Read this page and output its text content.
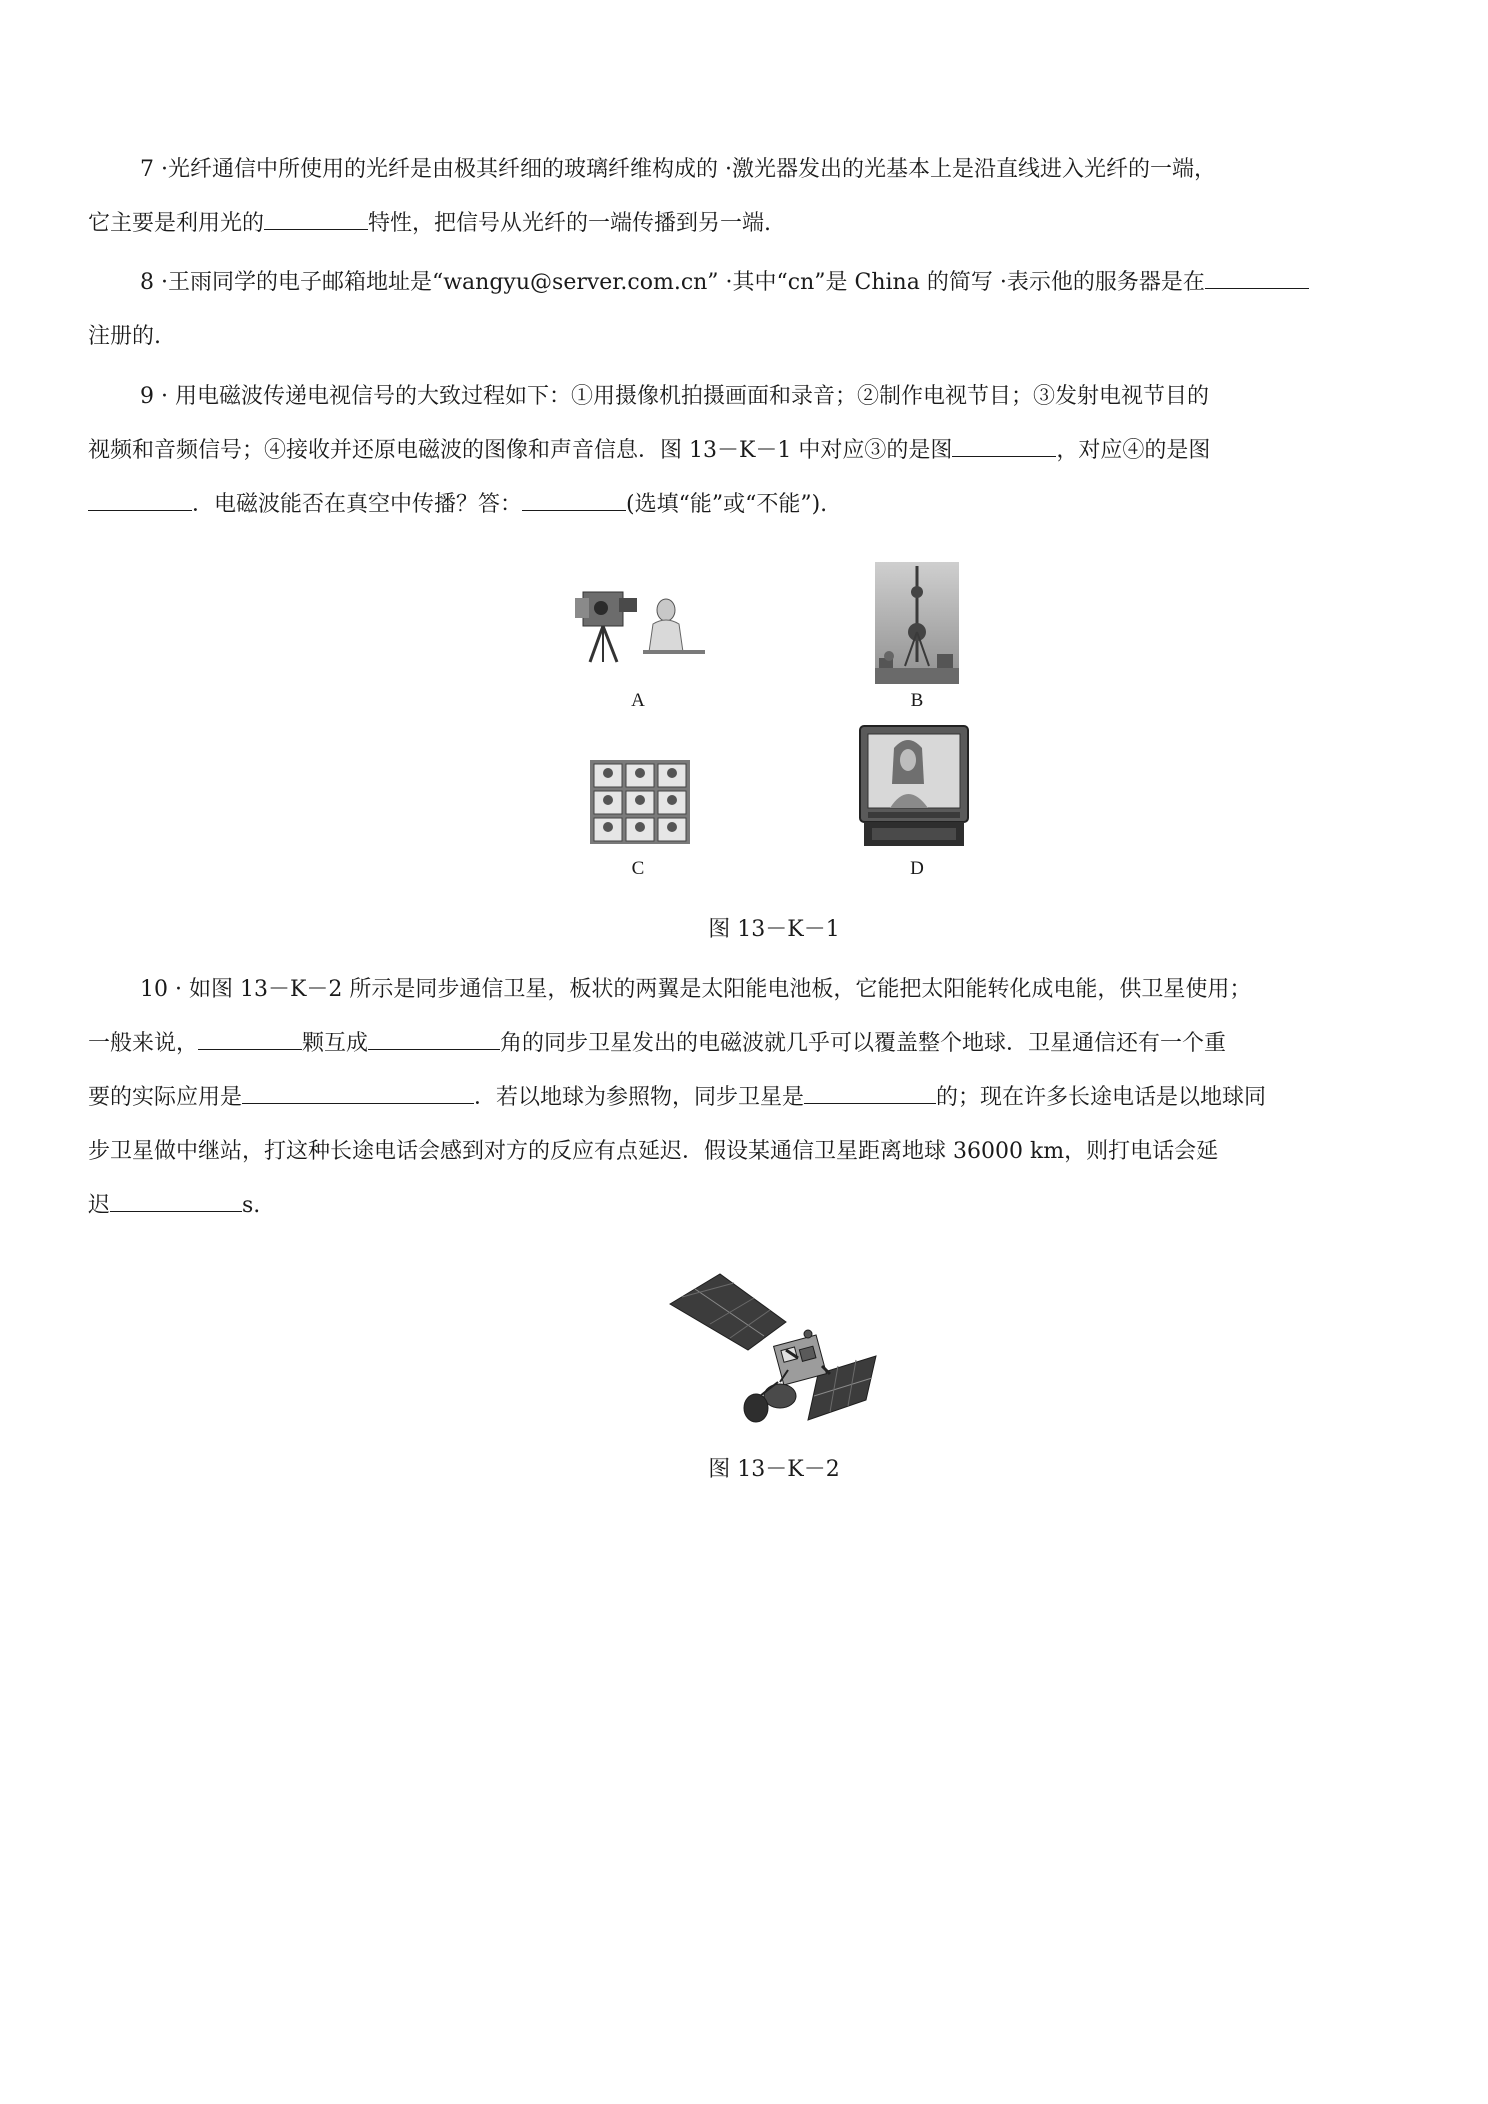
7 ·光纤通信中所使用的光纤是由极其纤细的玻璃纤维构成的 ·激光器发出的光基本上是沿直线进入光纤的一端，

它主要是利用光的	特性，把信号从光纤的一端传播到另一端.

8 ·王雨同学的电子邮箱地址是“wangyu@server.com.cn” ·其中“cn”是 China 的简写 ·表示他的服务器是在

注册的.

9 · 用电磁波传递电视信号的大致过程如下：①用摄像机拍摄画面和录音；②制作电视节目；③发射电视节目的

视频和音频信号；④接收并还原电磁波的图像和声音信息．图 13－K－1 中对应③的是图	，对应④的是图

．电磁波能否在真空中传播？答：	(选填“能”或“不能”).

A	B
C	D
图 13－K－1

10 · 如图 13－K－2 所示是同步通信卫星，板状的两翼是太阳能电池板，它能把太阳能转化成电能，供卫星使用；

一般来说，	颗互成	角的同步卫星发出的电磁波就几乎可以覆盖整个地球．卫星通信还有一个重

要的实际应用是	．若以地球为参照物，同步卫星是	的；现在许多长途电话是以地球同

步卫星做中继站，打这种长途电话会感到对方的反应有点延迟．假设某通信卫星距离地球 36000 km，则打电话会延

迟	s.

图 13－K－2
